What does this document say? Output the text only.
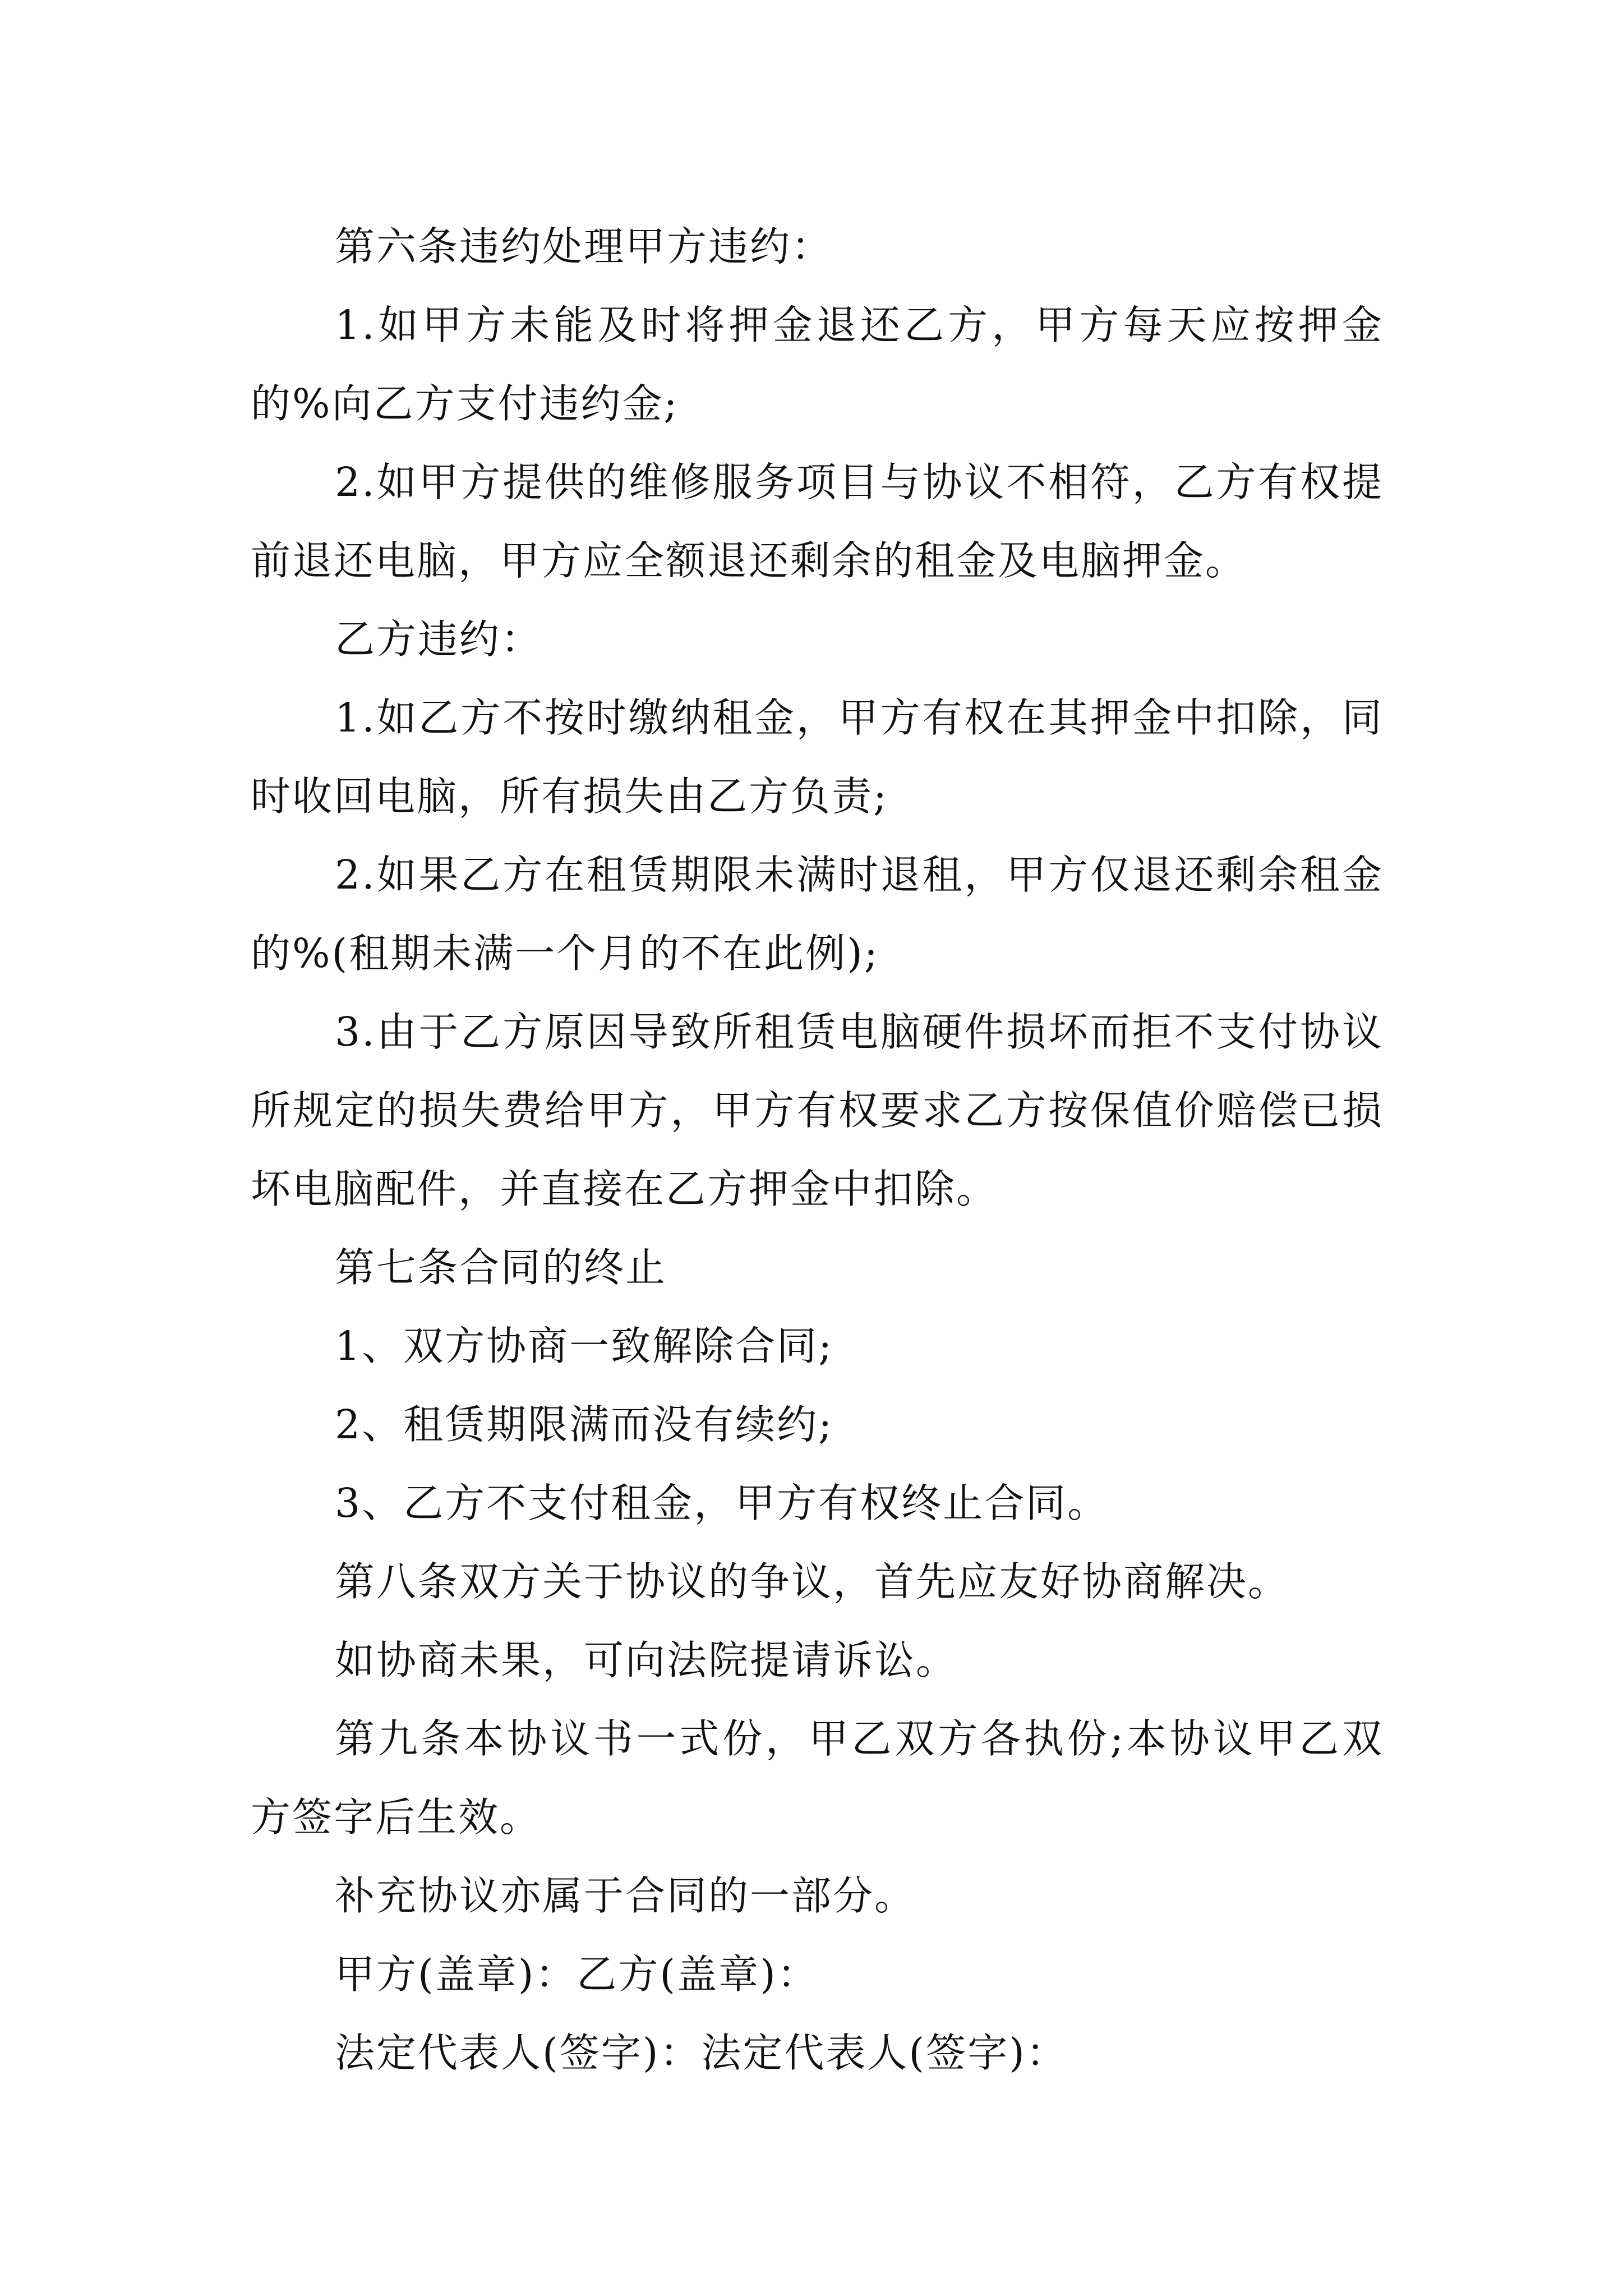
第六条违约处理甲方违约：

1.如甲方未能及时将押金退还乙方，甲方每天应按押金的%向乙方支付违约金;

2.如甲方提供的维修服务项目与协议不相符，乙方有权提前退还电脑，甲方应全额退还剩余的租金及电脑押金。

乙方违约：

1.如乙方不按时缴纳租金，甲方有权在其押金中扣除，同时收回电脑，所有损失由乙方负责;

2.如果乙方在租赁期限未满时退租，甲方仅退还剩余租金的%(租期未满一个月的不在此例);

3.由于乙方原因导致所租赁电脑硬件损坏而拒不支付协议所规定的损失费给甲方，甲方有权要求乙方按保值价赔偿已损坏电脑配件，并直接在乙方押金中扣除。

第七条合同的终止

1、双方协商一致解除合同;

2、租赁期限满而没有续约;

3、乙方不支付租金，甲方有权终止合同。

第八条双方关于协议的争议，首先应友好协商解决。

如协商未果，可向法院提请诉讼。

第九条本协议书一式份，甲乙双方各执份;本协议甲乙双方签字后生效。

补充协议亦属于合同的一部分。

甲方(盖章)：乙方(盖章)：

法定代表人(签字)：法定代表人(签字)：
